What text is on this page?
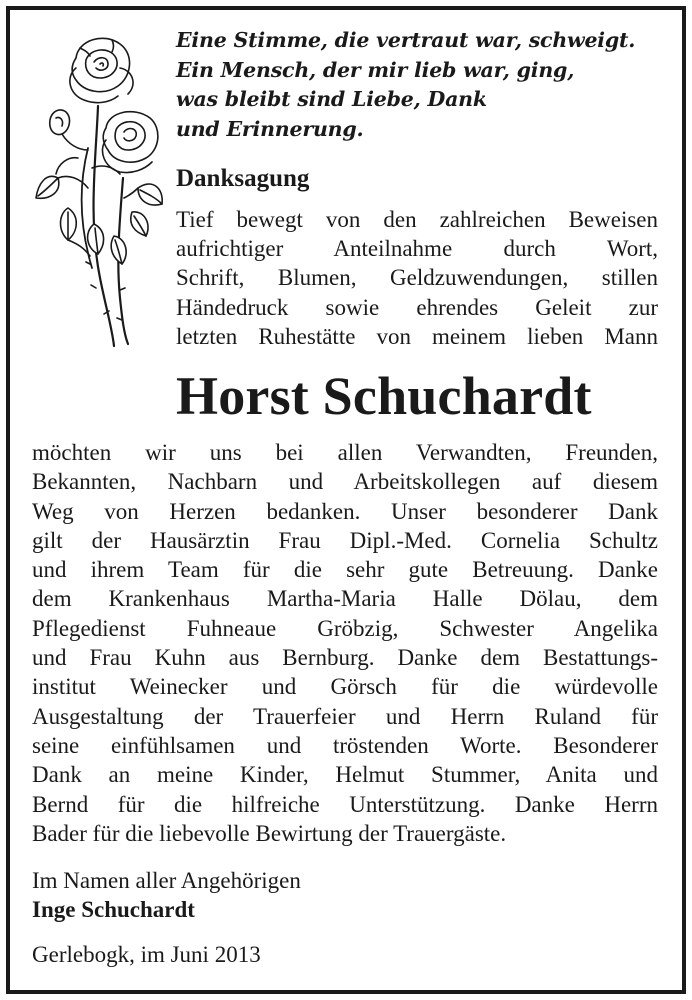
Eine Stimme, die vertraut war, schweigt.
Ein Mensch, der mir lieb war, ging,
was bleibt sind Liebe, Dank
und Erinnerung.
Danksagung
Tief bewegt von den zahlreichen Beweisen
aufrichtiger Anteilnahme durch Wort,
Schrift, Blumen, Geldzuwendungen, stillen
Händedruck sowie ehrendes Geleit zur
letzten Ruhestätte von meinem lieben Mann
Horst Schuchardt
möchten wir uns bei allen Verwandten, Freunden,
Bekannten, Nachbarn und Arbeitskollegen auf diesem
Weg von Herzen bedanken. Unser besonderer Dank
gilt der Hausärztin Frau Dipl.-Med. Cornelia Schultz
und ihrem Team für die sehr gute Betreuung. Danke
dem Krankenhaus Martha-Maria Halle Dölau, dem
Pflegedienst Fuhneaue Gröbzig, Schwester Angelika
und Frau Kuhn aus Bernburg. Danke dem Bestattungs-
institut Weinecker und Görsch für die würdevolle
Ausgestaltung der Trauerfeier und Herrn Ruland für
seine einfühlsamen und tröstenden Worte. Besonderer
Dank an meine Kinder, Helmut Stummer, Anita und
Bernd für die hilfreiche Unterstützung. Danke Herrn
Bader für die liebevolle Bewirtung der Trauergäste.
Im Namen aller Angehörigen
Inge Schuchardt
Gerlebogk, im Juni 2013
